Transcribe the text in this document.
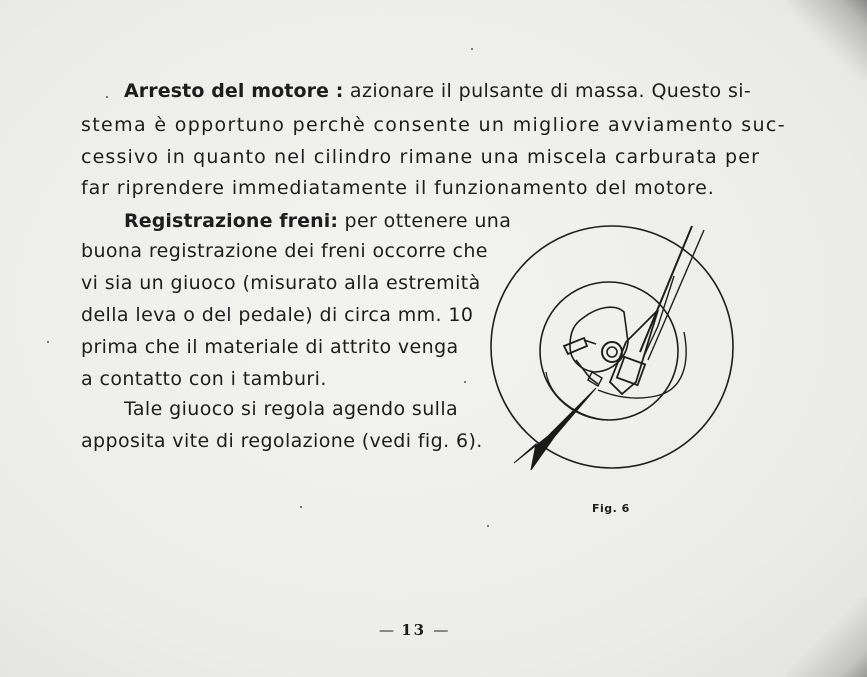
Arresto del motore : azionare il pulsante di massa. Questo si-
stema è opportuno perchè consente un migliore avviamento suc-
cessivo in quanto nel cilindro rimane una miscela carburata per
far riprendere immediatamente il funzionamento del motore.
Registrazione freni: per ottenere una
buona registrazione dei freni occorre che
vi sia un giuoco (misurato alla estremità
della leva o del pedale) di circa mm. 10
prima che il materiale di attrito venga
a contatto con i tamburi.
Tale giuoco si regola agendo sulla
apposita vite di regolazione (vedi fig. 6).
Fig. 6
— 13 —
